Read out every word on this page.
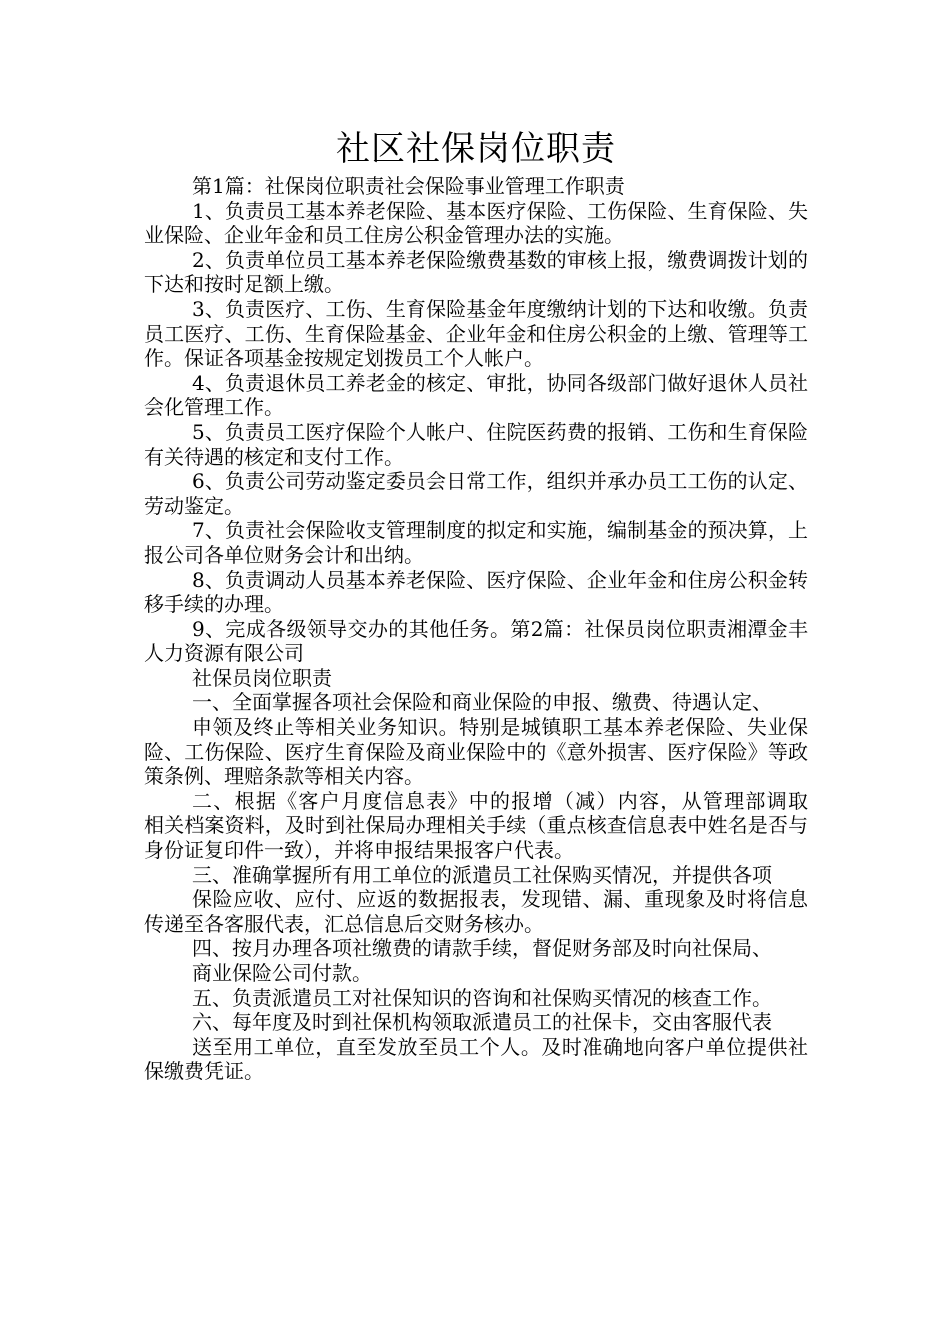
社区社保岗位职责

第1篇：社保岗位职责社会保险事业管理工作职责

1、负责员工基本养老保险、基本医疗保险、工伤保险、生育保险、失业保险、企业年金和员工住房公积金管理办法的实施。

2、负责单位员工基本养老保险缴费基数的审核上报，缴费调拨计划的下达和按时足额上缴。

3、负责医疗、工伤、生育保险基金年度缴纳计划的下达和收缴。负责员工医疗、工伤、生育保险基金、企业年金和住房公积金的上缴、管理等工作。保证各项基金按规定划拨员工个人帐户。

4、负责退休员工养老金的核定、审批，协同各级部门做好退休人员社会化管理工作。

5、负责员工医疗保险个人帐户、住院医药费的报销、工伤和生育保险有关待遇的核定和支付工作。

6、负责公司劳动鉴定委员会日常工作，组织并承办员工工伤的认定、劳动鉴定。

7、负责社会保险收支管理制度的拟定和实施，编制基金的预决算，上报公司各单位财务会计和出纳。

8、负责调动人员基本养老保险、医疗保险、企业年金和住房公积金转移手续的办理。

9、完成各级领导交办的其他任务。第2篇：社保员岗位职责湘潭金丰人力资源有限公司

社保员岗位职责

一、全面掌握各项社会保险和商业保险的申报、缴费、待遇认定、

申领及终止等相关业务知识。特别是城镇职工基本养老保险、失业保险、工伤保险、医疗生育保险及商业保险中的《意外损害、医疗保险》等政策条例、理赔条款等相关内容。

二、根据《客户月度信息表》中的报增（减）内容，从管理部调取　相关档案资料，及时到社保局办理相关手续（重点核查信息表中姓名是否与身份证复印件一致），并将申报结果报客户代表。

三、准确掌握所有用工单位的派遣员工社保购买情况，并提供各项

保险应收、应付、应返的数据报表，发现错、漏、重现象及时将信息传递至各客服代表，汇总信息后交财务核办。

四、按月办理各项社缴费的请款手续，督促财务部及时向社保局、

商业保险公司付款。

五、负责派遣员工对社保知识的咨询和社保购买情况的核查工作。

六、每年度及时到社保机构领取派遣员工的社保卡，交由客服代表

送至用工单位，直至发放至员工个人。及时准确地向客户单位提供社保缴费凭证。
